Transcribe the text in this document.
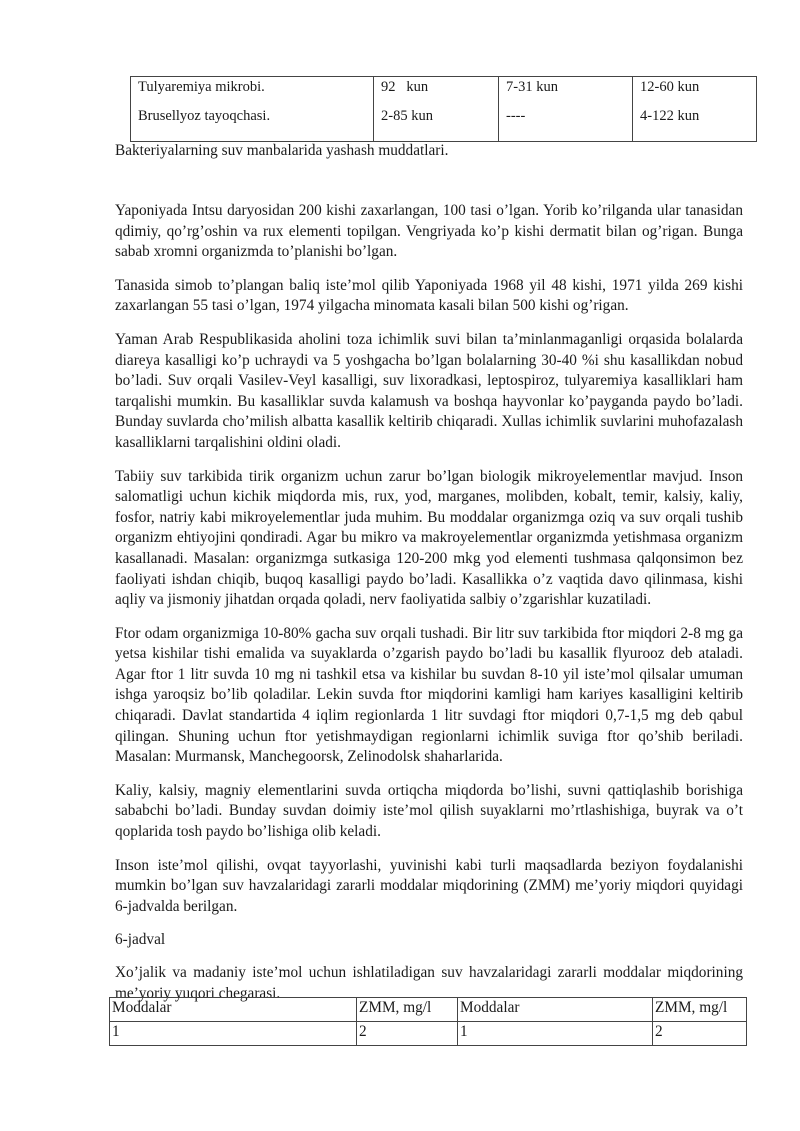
Tulyaremiya mikrobi.	92   kun	7-31 kun	12-60 kun
Brusellyoz tayoqchasi.	2-85 kun	----	4-122 kun
Bakteriyalarning suv manbalarida yashash muddatlari.

Yaponiyada Intsu daryosidan 200 kishi zaxarlangan, 100 tasi o’lgan. Yorib ko’rilganda ular tanasidan qdimiy, qo’rg’oshin va rux elementi topilgan. Vengriyada ko’p kishi dermatit bilan og’rigan. Bunga sabab xromni organizmda to’planishi bo’lgan.

Tanasida simob to’plangan baliq iste’mol qilib Yaponiyada 1968 yil 48 kishi, 1971 yilda 269 kishi zaxarlangan 55 tasi o’lgan, 1974 yilgacha minomata kasali bilan 500 kishi og’rigan.

Yaman Arab Respublikasida aholini toza ichimlik suvi bilan ta’minlanmaganligi orqasida bolalarda diareya kasalligi ko’p uchraydi va 5 yoshgacha bo’lgan bolalarning 30-40 %i shu kasallikdan nobud bo’ladi. Suv orqali Vasilev-Veyl kasalligi, suv lixoradkasi, leptospiroz, tulyaremiya kasalliklari ham tarqalishi mumkin. Bu kasalliklar suvda kalamush va boshqa hayvonlar ko’payganda paydo bo’ladi. Bunday suvlarda cho’milish albatta kasallik keltirib chiqaradi. Xullas ichimlik suvlarini muhofazalash kasalliklarni tarqalishini oldini oladi.

Tabiiy suv tarkibida tirik organizm uchun zarur bo’lgan biologik mikroyelementlar mavjud. Inson salomatligi uchun kichik miqdorda mis, rux, yod, marganes, molibden, kobalt, temir, kalsiy, kaliy, fosfor, natriy kabi mikroyelementlar juda muhim. Bu moddalar organizmga oziq va suv orqali tushib organizm ehtiyojini qondiradi. Agar bu mikro va makroyelementlar organizmda yetishmasa organizm kasallanadi. Masalan: organizmga sutkasiga 120-200 mkg yod elementi tushmasa qalqonsimon bez faoliyati ishdan chiqib, buqoq kasalligi paydo bo’ladi. Kasallikka o’z vaqtida davo qilinmasa, kishi aqliy va jismoniy jihatdan orqada qoladi, nerv faoliyatida salbiy o’zgarishlar kuzatiladi.

Ftor odam organizmiga 10-80% gacha suv orqali tushadi. Bir litr suv tarkibida ftor miqdori 2-8 mg ga yetsa kishilar tishi emalida va suyaklarda o’zgarish paydo bo’ladi bu kasallik flyurooz deb ataladi. Agar ftor 1 litr suvda 10 mg ni tashkil etsa va kishilar bu suvdan 8-10 yil iste’mol qilsalar umuman ishga yaroqsiz bo’lib qoladilar. Lekin suvda ftor miqdorini kamligi ham kariyes kasalligini keltirib chiqaradi. Davlat standartida 4 iqlim regionlarda 1 litr suvdagi ftor miqdori 0,7-1,5 mg deb qabul qilingan. Shuning uchun ftor yetishmaydigan regionlarni ichimlik suviga ftor qo’shib beriladi. Masalan: Murmansk, Manchegoorsk, Zelinodolsk shaharlarida.

Kaliy, kalsiy, magniy elementlarini suvda ortiqcha miqdorda bo’lishi, suvni qattiqlashib borishiga sababchi bo’ladi. Bunday suvdan doimiy iste’mol qilish suyaklarni mo’rtlashishiga, buyrak va o’t qoplarida tosh paydo bo’lishiga olib keladi.

Inson iste’mol qilishi, ovqat tayyorlashi, yuvinishi kabi turli maqsadlarda beziyon foydalanishi mumkin bo’lgan suv havzalaridagi zararli moddalar miqdorining (ZMM) me’yoriy miqdori quyidagi 6-jadvalda berilgan.

6-jadval

Xo’jalik va madaniy iste’mol uchun ishlatiladigan suv havzalaridagi zararli moddalar miqdorining me’yoriy yuqori chegarasi.

Moddalar	ZMM, mg/l	Moddalar	ZMM, mg/l
1	2	1	2
